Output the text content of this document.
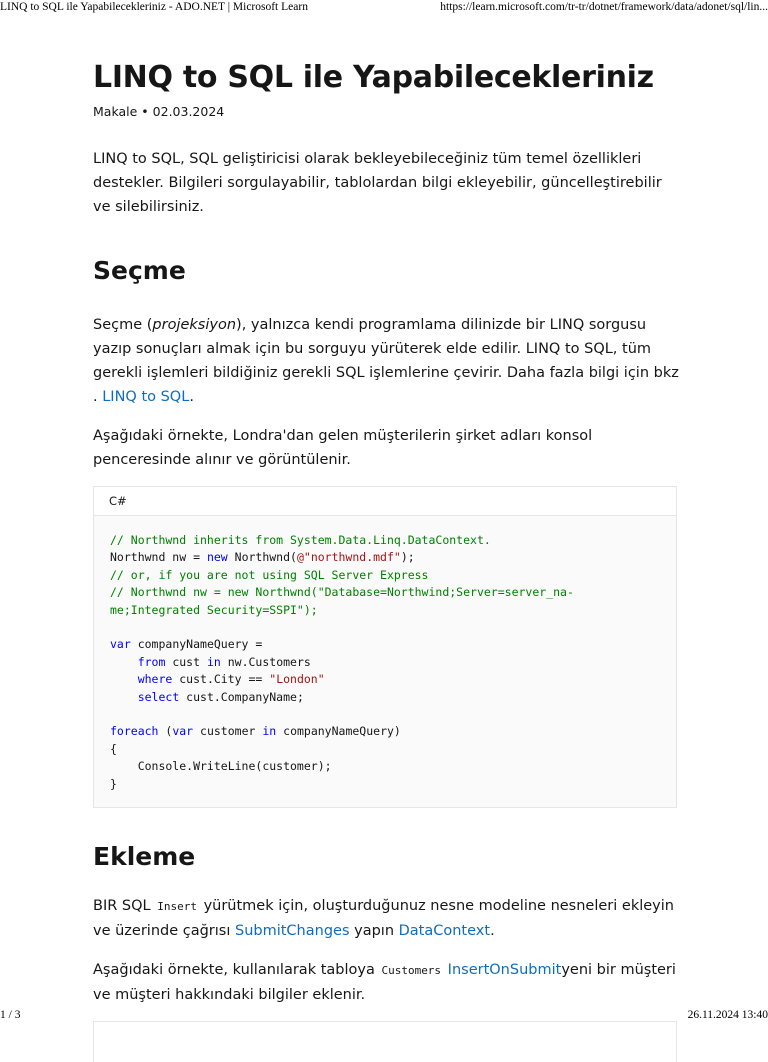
LINQ to SQL ile Yapabilecekleriniz - ADO.NET | Microsoft Learn	https://learn.microsoft.com/tr-tr/dotnet/framework/data/adonet/sql/lin...
LINQ to SQL ile Yapabilecekleriniz
Makale • 02.03.2024

LINQ to SQL, SQL geliştiricisi olarak bekleyebileceğiniz tüm temel özellikleri destekler. Bilgileri sorgulayabilir, tablolardan bilgi ekleyebilir, güncelleştirebilir ve silebilirsiniz.

Seçme

Seçme (projeksiyon), yalnızca kendi programlama dilinizde bir LINQ sorgusu yazıp sonuçları almak için bu sorguyu yürüterek elde edilir. LINQ to SQL, tüm gerekli işlemleri bildiğiniz gerekli SQL işlemlerine çevirir. Daha fazla bilgi için bkz . LINQ to SQL.

Aşağıdaki örnekte, Londra'dan gelen müşterilerin şirket adları konsol penceresinde alınır ve görüntülenir.

C#
// Northwnd inherits from System.Data.Linq.DataContext.
Northwnd nw = new Northwnd(@"northwnd.mdf");
// or, if you are not using SQL Server Express
// Northwnd nw = new Northwnd("Database=Northwind;Server=server_na-
me;Integrated Security=SSPI");

var companyNameQuery =
from cust in nw.Customers
where cust.City == "London"
select cust.CompanyName;

foreach (var customer in companyNameQuery)
{
Console.WriteLine(customer);
}
Ekleme

BIR SQL Insert yürütmek için, oluşturduğunuz nesne modeline nesneleri ekleyin ve üzerinde çağrısı SubmitChanges yapın DataContext.

Aşağıdaki örnekte, kullanılarak tabloya Customers InsertOnSubmityeni bir müşteri ve müşteri hakkındaki bilgiler eklenir.

1 / 3	26.11.2024 13:40
